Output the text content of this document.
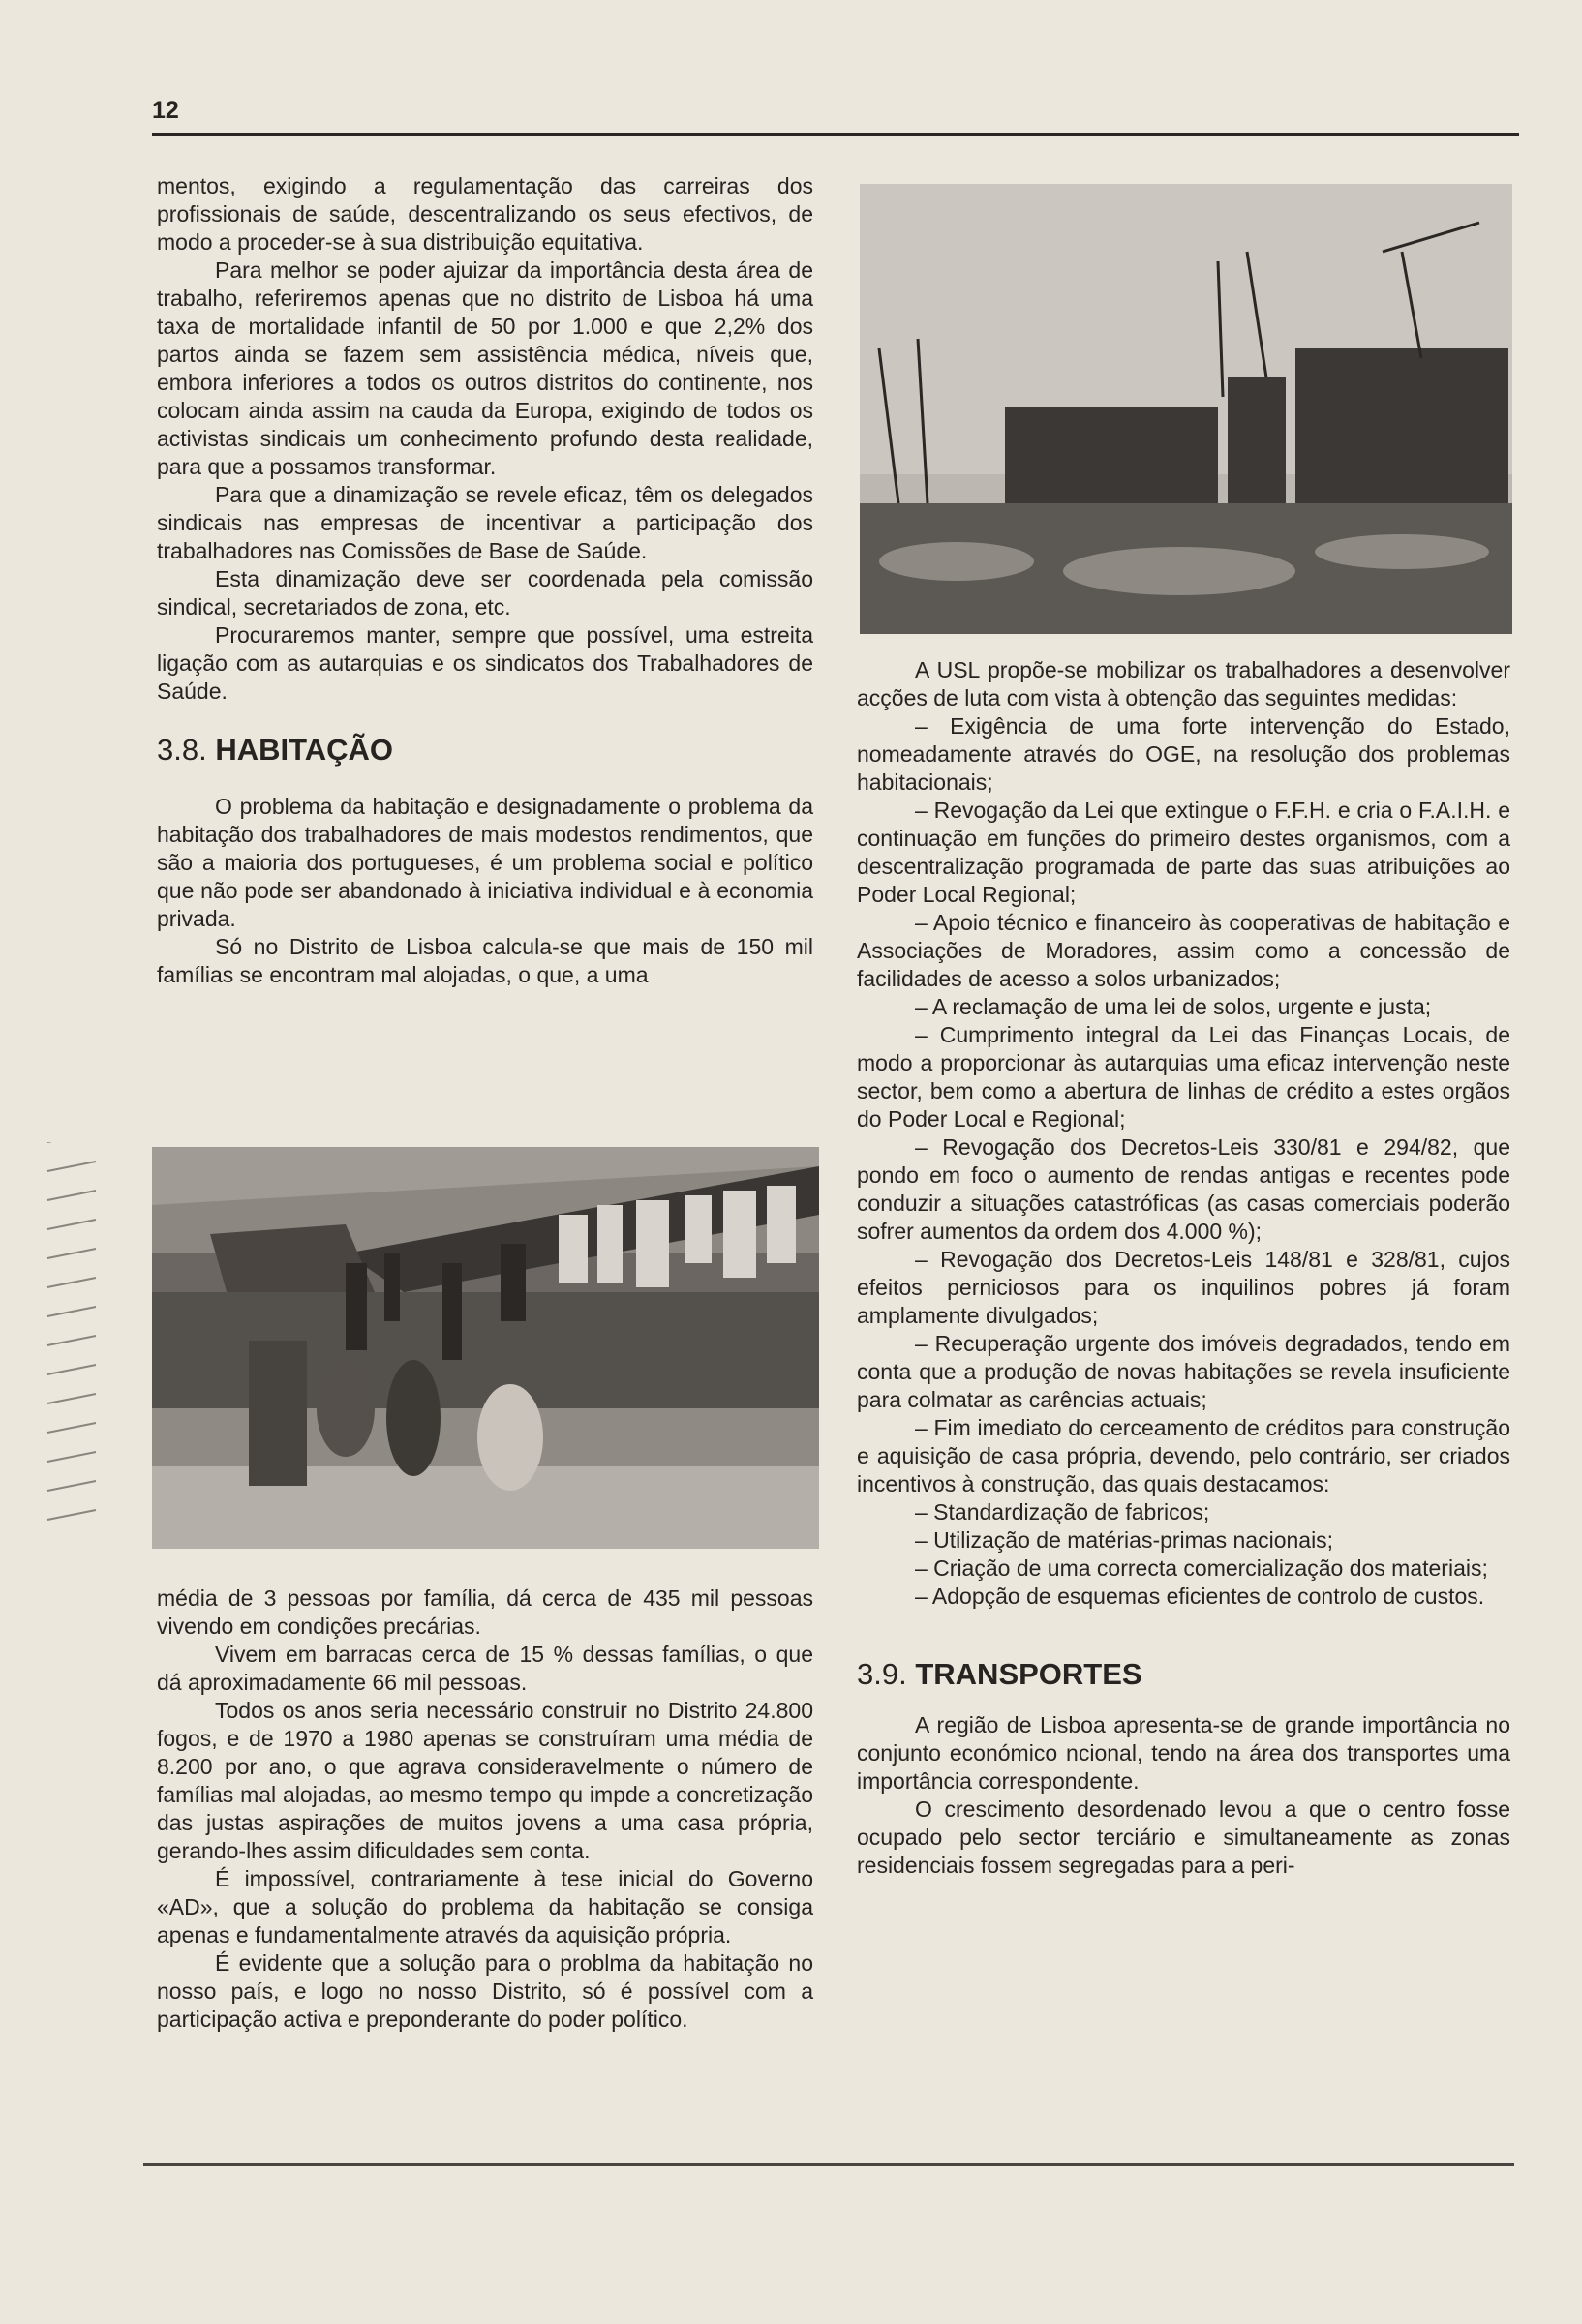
12

mentos, exigindo a regulamentação das carreiras dos profissionais de saúde, descentralizando os seus efectivos, de modo a proceder-se à sua distribuição equitativa.

Para melhor se poder ajuizar da importância desta área de trabalho, referiremos apenas que no distrito de Lisboa há uma taxa de mortalidade infantil de 50 por 1.000 e que 2,2% dos partos ainda se fazem sem assistência médica, níveis que, embora inferiores a todos os outros distritos do continente, nos colocam ainda assim na cauda da Europa, exigindo de todos os activistas sindicais um conhecimento profundo desta realidade, para que a possamos transformar.

Para que a dinamização se revele eficaz, têm os delegados sindicais nas empresas de incentivar a participação dos trabalhadores nas Comissões de Base de Saúde.

Esta dinamização deve ser coordenada pela comissão sindical, secretariados de zona, etc.

Procuraremos manter, sempre que possível, uma estreita ligação com as autarquias e os sindicatos dos Trabalhadores de Saúde.

3.8. HABITAÇÃO

O problema da habitação e designadamente o problema da habitação dos trabalhadores de mais modestos rendimentos, que são a maioria dos portugueses, é um problema social e político que não pode ser abandonado à iniciativa individual e à economia privada.

Só no Distrito de Lisboa calcula-se que mais de 150 mil famílias se encontram mal alojadas, o que, a uma

média de 3 pessoas por família, dá cerca de 435 mil pessoas vivendo em condições precárias.

Vivem em barracas cerca de 15 % dessas famílias, o que dá aproximadamente 66 mil pessoas.

Todos os anos seria necessário construir no Distrito 24.800 fogos, e de 1970 a 1980 apenas se construíram uma média de 8.200 por ano, o que agrava consideravelmente o número de famílias mal alojadas, ao mesmo tempo qu impde a concretização das justas aspirações de muitos jovens a uma casa própria, gerando-lhes assim dificuldades sem conta.

É impossível, contrariamente à tese inicial do Governo «AD», que a solução do problema da habitação se consiga apenas e fundamentalmente através da aquisição própria.

É evidente que a solução para o problma da habitação no nosso país, e logo no nosso Distrito, só é possível com a participação activa e preponderante do poder político.

A USL propõe-se mobilizar os trabalhadores a desenvolver acções de luta com vista à obtenção das seguintes medidas:

– Exigência de uma forte intervenção do Estado, nomeadamente através do OGE, na resolução dos problemas habitacionais;

– Revogação da Lei que extingue o F.F.H. e cria o F.A.I.H. e continuação em funções do primeiro destes organismos, com a descentralização programada de parte das suas atribuições ao Poder Local Regional;

– Apoio técnico e financeiro às cooperativas de habitação e Associações de Moradores, assim como a concessão de facilidades de acesso a solos urbanizados;

– A reclamação de uma lei de solos, urgente e justa;

– Cumprimento integral da Lei das Finanças Locais, de modo a proporcionar às autarquias uma eficaz intervenção neste sector, bem como a abertura de linhas de crédito a estes orgãos do Poder Local e Regional;

– Revogação dos Decretos-Leis 330/81 e 294/82, que pondo em foco o aumento de rendas antigas e recentes pode conduzir a situações catastróficas (as casas comerciais poderão sofrer aumentos da ordem dos 4.000 %);

– Revogação dos Decretos-Leis 148/81 e 328/81, cujos efeitos perniciosos para os inquilinos pobres já foram amplamente divulgados;

– Recuperação urgente dos imóveis degradados, tendo em conta que a produção de novas habitações se revela insuficiente para colmatar as carências actuais;

– Fim imediato do cerceamento de créditos para construção e aquisição de casa própria, devendo, pelo contrário, ser criados incentivos à construção, das quais destacamos:

– Standardização de fabricos;

– Utilização de matérias-primas nacionais;

– Criação de uma correcta comercialização dos materiais;

– Adopção de esquemas eficientes de controlo de custos.

3.9. TRANSPORTES

A região de Lisboa apresenta-se de grande importância no conjunto económico ncional, tendo na área dos transportes uma importância correspondente.

O crescimento desordenado levou a que o centro fosse ocupado pelo sector terciário e simultaneamente as zonas residenciais fossem segregadas para a peri-
